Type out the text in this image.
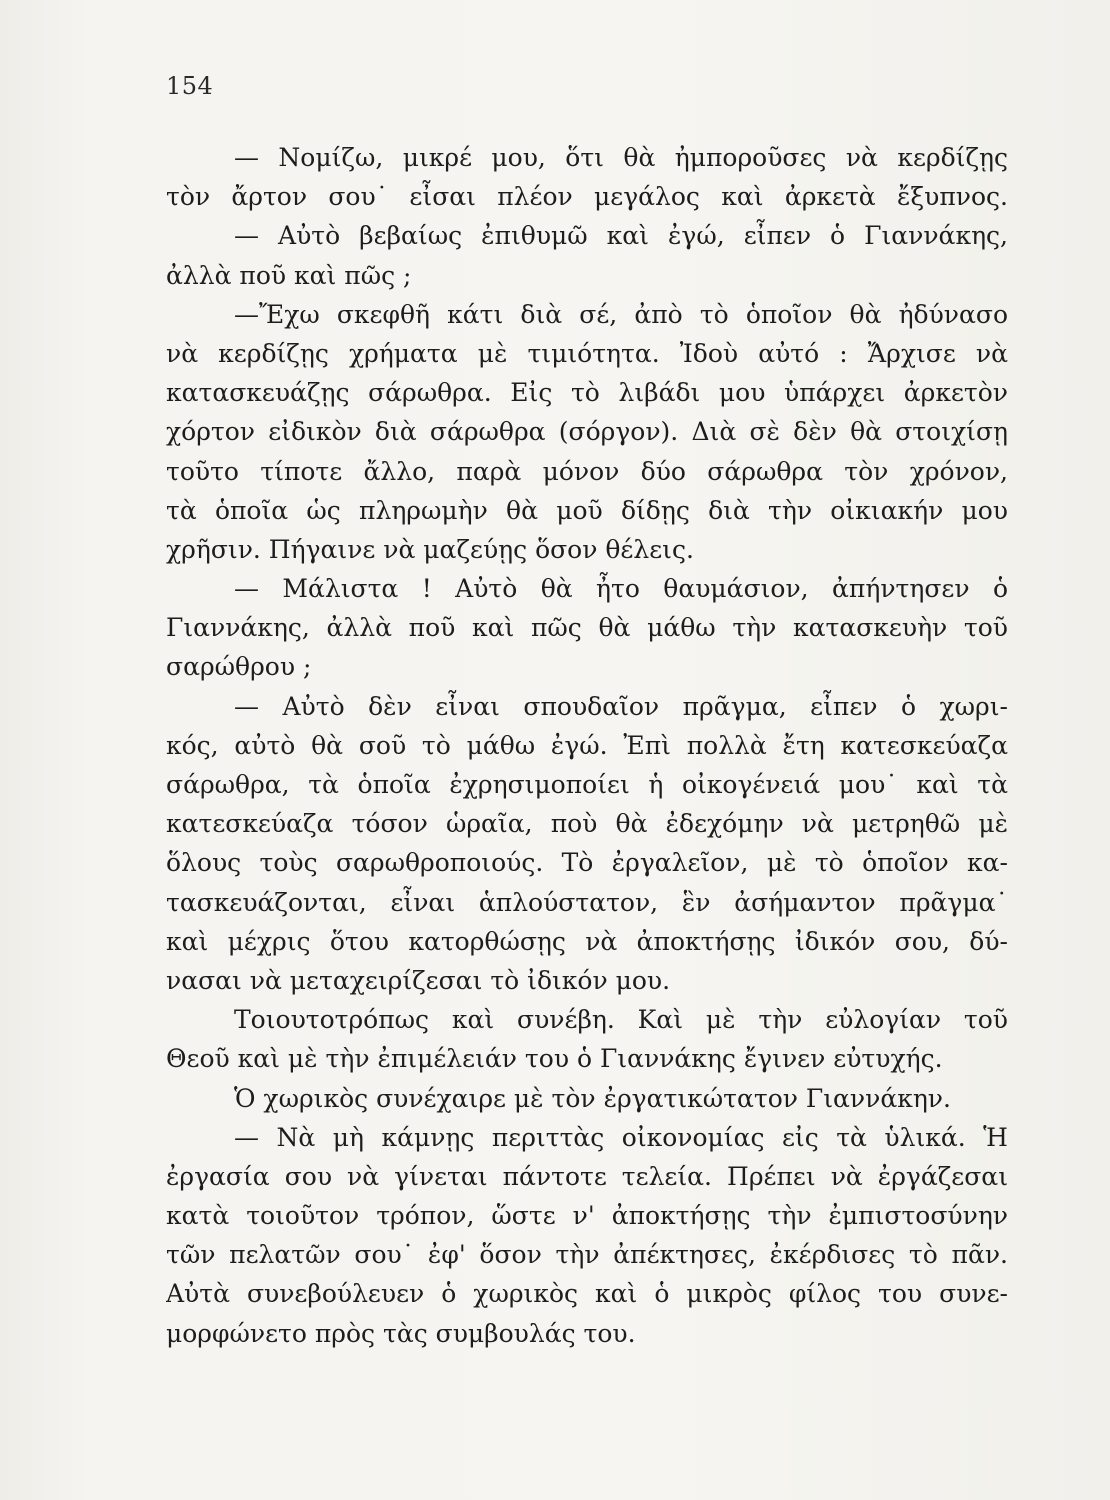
154
— Νομίζω, μικρέ μου, ὅτι θὰ ἠμποροῦσες νὰ κερδίζῃς
τὸν ἄρτον σου˙ εἶσαι πλέον μεγάλος καὶ ἀρκετὰ ἔξυπνος.
— Αὐτὸ βεβαίως ἐπιθυμῶ καὶ ἐγώ, εἶπεν ὁ Γιαννάκης,
ἀλλὰ ποῦ καὶ πῶς ;
—Ἔχω σκεφθῆ κάτι διὰ σέ, ἀπὸ τὸ ὁποῖον θὰ ἠδύνασο
νὰ κερδίζῃς χρήματα μὲ τιμιότητα. Ἰδοὺ αὐτό : Ἄρχισε νὰ
κατασκευάζῃς σάρωθρα. Εἰς τὸ λιβάδι μου ὑπάρχει ἀρκετὸν
χόρτον εἰδικὸν διὰ σάρωθρα (σόργον). Διὰ σὲ δὲν θὰ στοιχίσῃ
τοῦτο τίποτε ἄλλο, παρὰ μόνον δύο σάρωθρα τὸν χρόνον,
τὰ ὁποῖα ὡς πληρωμὴν θὰ μοῦ δίδῃς διὰ τὴν οἰκιακήν μου
χρῆσιν. Πήγαινε νὰ μαζεύῃς ὅσον θέλεις.
— Μάλιστα ! Αὐτὸ θὰ ἦτο θαυμάσιον, ἀπήντησεν ὁ
Γιαννάκης, ἀλλὰ ποῦ καὶ πῶς θὰ μάθω τὴν κατασκευὴν τοῦ
σαρώθρου ;
— Αὐτὸ δὲν εἶναι σπουδαῖον πρᾶγμα, εἶπεν ὁ χωρι-
κός, αὐτὸ θὰ σοῦ τὸ μάθω ἐγώ. Ἐπὶ πολλὰ ἔτη κατεσκεύαζα
σάρωθρα, τὰ ὁποῖα ἐχρησιμοποίει ἡ οἰκογένειά μου˙ καὶ τὰ
κατεσκεύαζα τόσον ὡραῖα, ποὺ θὰ ἐδεχόμην νὰ μετρηθῶ μὲ
ὅλους τοὺς σαρωθροποιούς. Τὸ ἐργαλεῖον, μὲ τὸ ὁποῖον κα-
τασκευάζονται, εἶναι ἁπλούστατον, ἓν ἀσήμαντον πρᾶγμα˙
καὶ μέχρις ὅτου κατορθώσῃς νὰ ἀποκτήσῃς ἰδικόν σου, δύ-
νασαι νὰ μεταχειρίζεσαι τὸ ἰδικόν μου.
Τοιουτοτρόπως καὶ συνέβη. Καὶ μὲ τὴν εὐλογίαν τοῦ
Θεοῦ καὶ μὲ τὴν ἐπιμέλειάν του ὁ Γιαννάκης ἔγινεν εὐτυχής.
Ὁ χωρικὸς συνέχαιρε μὲ τὸν ἐργατικώτατον Γιαννάκην.
— Νὰ μὴ κάμνῃς περιττὰς οἰκονομίας εἰς τὰ ὑλικά. Ἡ
ἐργασία σου νὰ γίνεται πάντοτε τελεία. Πρέπει νὰ ἐργάζεσαι
κατὰ τοιοῦτον τρόπον, ὥστε ν' ἀποκτήσῃς τὴν ἐμπιστοσύνην
τῶν πελατῶν σου˙ ἐφ' ὅσον τὴν ἀπέκτησες, ἐκέρδισες τὸ πᾶν.
Αὐτὰ συνεβούλευεν ὁ χωρικὸς καὶ ὁ μικρὸς φίλος του συνε-
μορφώνετο πρὸς τὰς συμβουλάς του.
